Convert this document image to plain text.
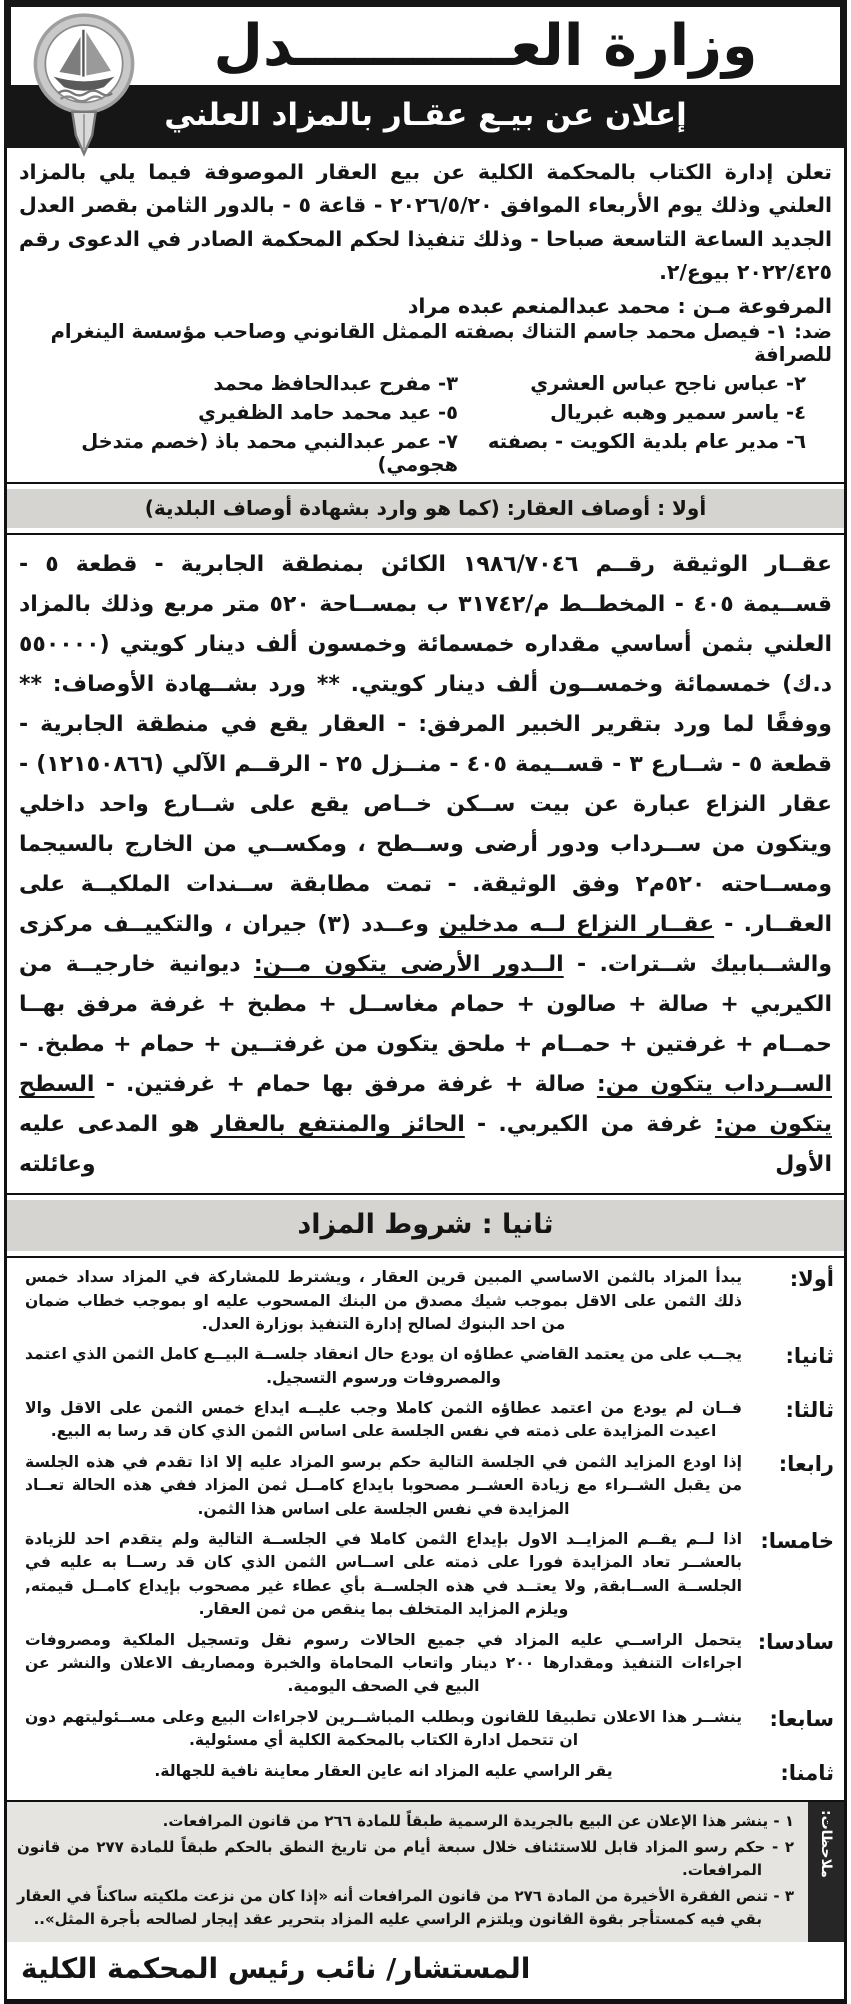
وزارة العـــــــــــدل
إعلان عن بيـع عقـار بالمزاد العلني

تعلن إدارة الكتاب بالمحكمة الكلية عن بيع العقار الموصوفة فيما يلي بالمزاد العلني وذلك يوم الأربعاء الموافق ٢٠٢٦/٥/٢٠ - قاعة ٥ - بالدور الثامن بقصر العدل الجديد الساعة التاسعة صباحا - وذلك تنفيذا لحكم المحكمة الصادر في الدعوى رقم ٢٠٢٢/٤٢٥ بيوع/٢.

المرفوعة مـن : محمد عبدالمنعم عبده مراد

ضد: ١- فيصل محمد جاسم التناك بصفته الممثل القانوني وصاحب مؤسسة الينغرام للصرافة

٢- عباس ناجح عباس العشري
٣- مفرح عبدالحافظ محمد
٤- ياسر سمير وهبه غبريال
٥- عيد محمد حامد الظفيري
٦- مدير عام بلدية الكويت - بصفته
٧- عمر عبدالنبي محمد باذ (خصم متدخل هجومي)
أولا : أوصاف العقار: (كما هو وارد بشهادة أوصاف البلدية)

عقــار الوثيقة رقــم ١٩٨٦/٧٠٤٦ الكائن بمنطقة الجابرية - قطعة ٥ - قســيمة ٤٠٥ - المخطــط م/٣١٧٤٢ ب بمســاحة ٥٢٠ متر مربع وذلك بالمزاد العلني بثمن أساسي مقداره خمسمائة وخمسون ألف دينار كويتي (٥٥٠٠٠٠ د.ك) خمسمائة وخمســون ألف دينار كويتي. ** ورد بشــهادة الأوصاف: ** ووفقًا لما ورد بتقرير الخبير المرفق: - العقار يقع في منطقة الجابرية - قطعة ٥ - شــارع ٣ - قســيمة ٤٠٥ - منــزل ٢٥ - الرقــم الآلي (١٢١٥٠٨٦٦) - عقار النزاع عبارة عن بيت ســكن خــاص يقع على شــارع واحد داخلي ويتكون من ســرداب ودور أرضى وســطح ، ومكســي من الخارج بالسيجما ومســاحته ٥٢٠م٢ وفق الوثيقة. - تمت مطابقة ســندات الملكيــة على العقــار. - عقــار النزاع لــه مدخلين وعــدد (٣) جيران ، والتكييــف مركزى والشــبابيك شــترات. - الــدور الأرضى يتكون مــن: ديوانية خارجيــة من الكيربي + صالة + صالون + حمام مغاســل + مطبخ + غرفة مرفق بهــا حمــام + غرفتين + حمــام + ملحق يتكون من غرفتــين + حمام + مطبخ. - الســرداب يتكون من: صالة + غرفة مرفق بها حمام + غرفتين. - السطح يتكون من: غرفة من الكيربي. - الحائز والمنتفع بالعقار هو المدعى عليه الأول وعائلته

ثانيا : شروط المزاد
أولا:

يبدأ المزاد بالثمن الاساسي المبين قرين العقار ، ويشترط للمشاركة في المزاد سداد خمس ذلك الثمن على الاقل بموجب شيك مصدق من البنك المسحوب عليه او بموجب خطاب ضمان من احد البنوك لصالح إدارة التنفيذ بوزارة العدل.

ثانيا:

يجــب على من يعتمد القاضي عطاؤه ان يودع حال انعقاد جلســة البيــع كامل الثمن الذي اعتمد والمصروفات ورسوم التسجيل.

ثالثا:

فــان لم يودع من اعتمد عطاؤه الثمن كاملا وجب عليــه ايداع خمس الثمن على الاقل والا اعيدت المزايدة على ذمته في نفس الجلسة على اساس الثمن الذي كان قد رسا به البيع.

رابعا:

إذا اودع المزايد الثمن في الجلسة التالية حكم برسو المزاد عليه إلا اذا تقدم في هذه الجلسة من يقبل الشــراء مع زيادة العشــر مصحوبا بايداع كامــل ثمن المزاد ففي هذه الحالة تعــاد المزايدة في نفس الجلسة على اساس هذا الثمن.

خامسا:

اذا لــم يقــم المزايــد الاول بإيداع الثمن كاملا في الجلســة التالية ولم يتقدم احد للزيادة بالعشــر تعاد المزايدة فورا على ذمته على اســاس الثمن الذي كان قد رســا به عليه في الجلســة الســابقة, ولا يعتــد في هذه الجلســة بأي عطاء غير مصحوب بإيداع كامــل قيمته, ويلزم المزايد المتخلف بما ينقص من ثمن العقار.

سادسا:

يتحمل الراســي عليه المزاد في جميع الحالات رسوم نقل وتسجيل الملكية ومصروفات اجراءات التنفيذ ومقدارها ٢٠٠ دينار واتعاب المحاماة والخبرة ومصاريف الاعلان والنشر عن البيع في الصحف اليومية.

سابعا:

ينشــر هذا الاعلان تطبيقا للقانون وبطلب المباشــرين لاجراءات البيع وعلى مســئوليتهم دون ان تتحمل ادارة الكتاب بالمحكمة الكلية أي مسئولية.

ثامنا:

يقر الراسي عليه المزاد انه عاين العقار معاينة نافية للجهالة.

ملاحظات:

١ - ينشر هذا الإعلان عن البيع بالجريدة الرسمية طبقاً للمادة ٢٦٦ من قانون المرافعات.

٢ - حكم رسو المزاد قابل للاستئناف خلال سبعة أيام من تاريخ النطق بالحكم طبقاً للمادة ٢٧٧ من قانون المرافعات.

٣ - تنص الفقرة الأخيرة من المادة ٢٧٦ من قانون المرافعات أنه «إذا كان من نزعت ملكيته ساكناً في العقار بقي فيه كمستأجر بقوة القانون ويلتزم الراسي عليه المزاد بتحرير عقد إيجار لصالحه بأجرة المثل»..

المستشار/ نائب رئيس المحكمة الكلية
